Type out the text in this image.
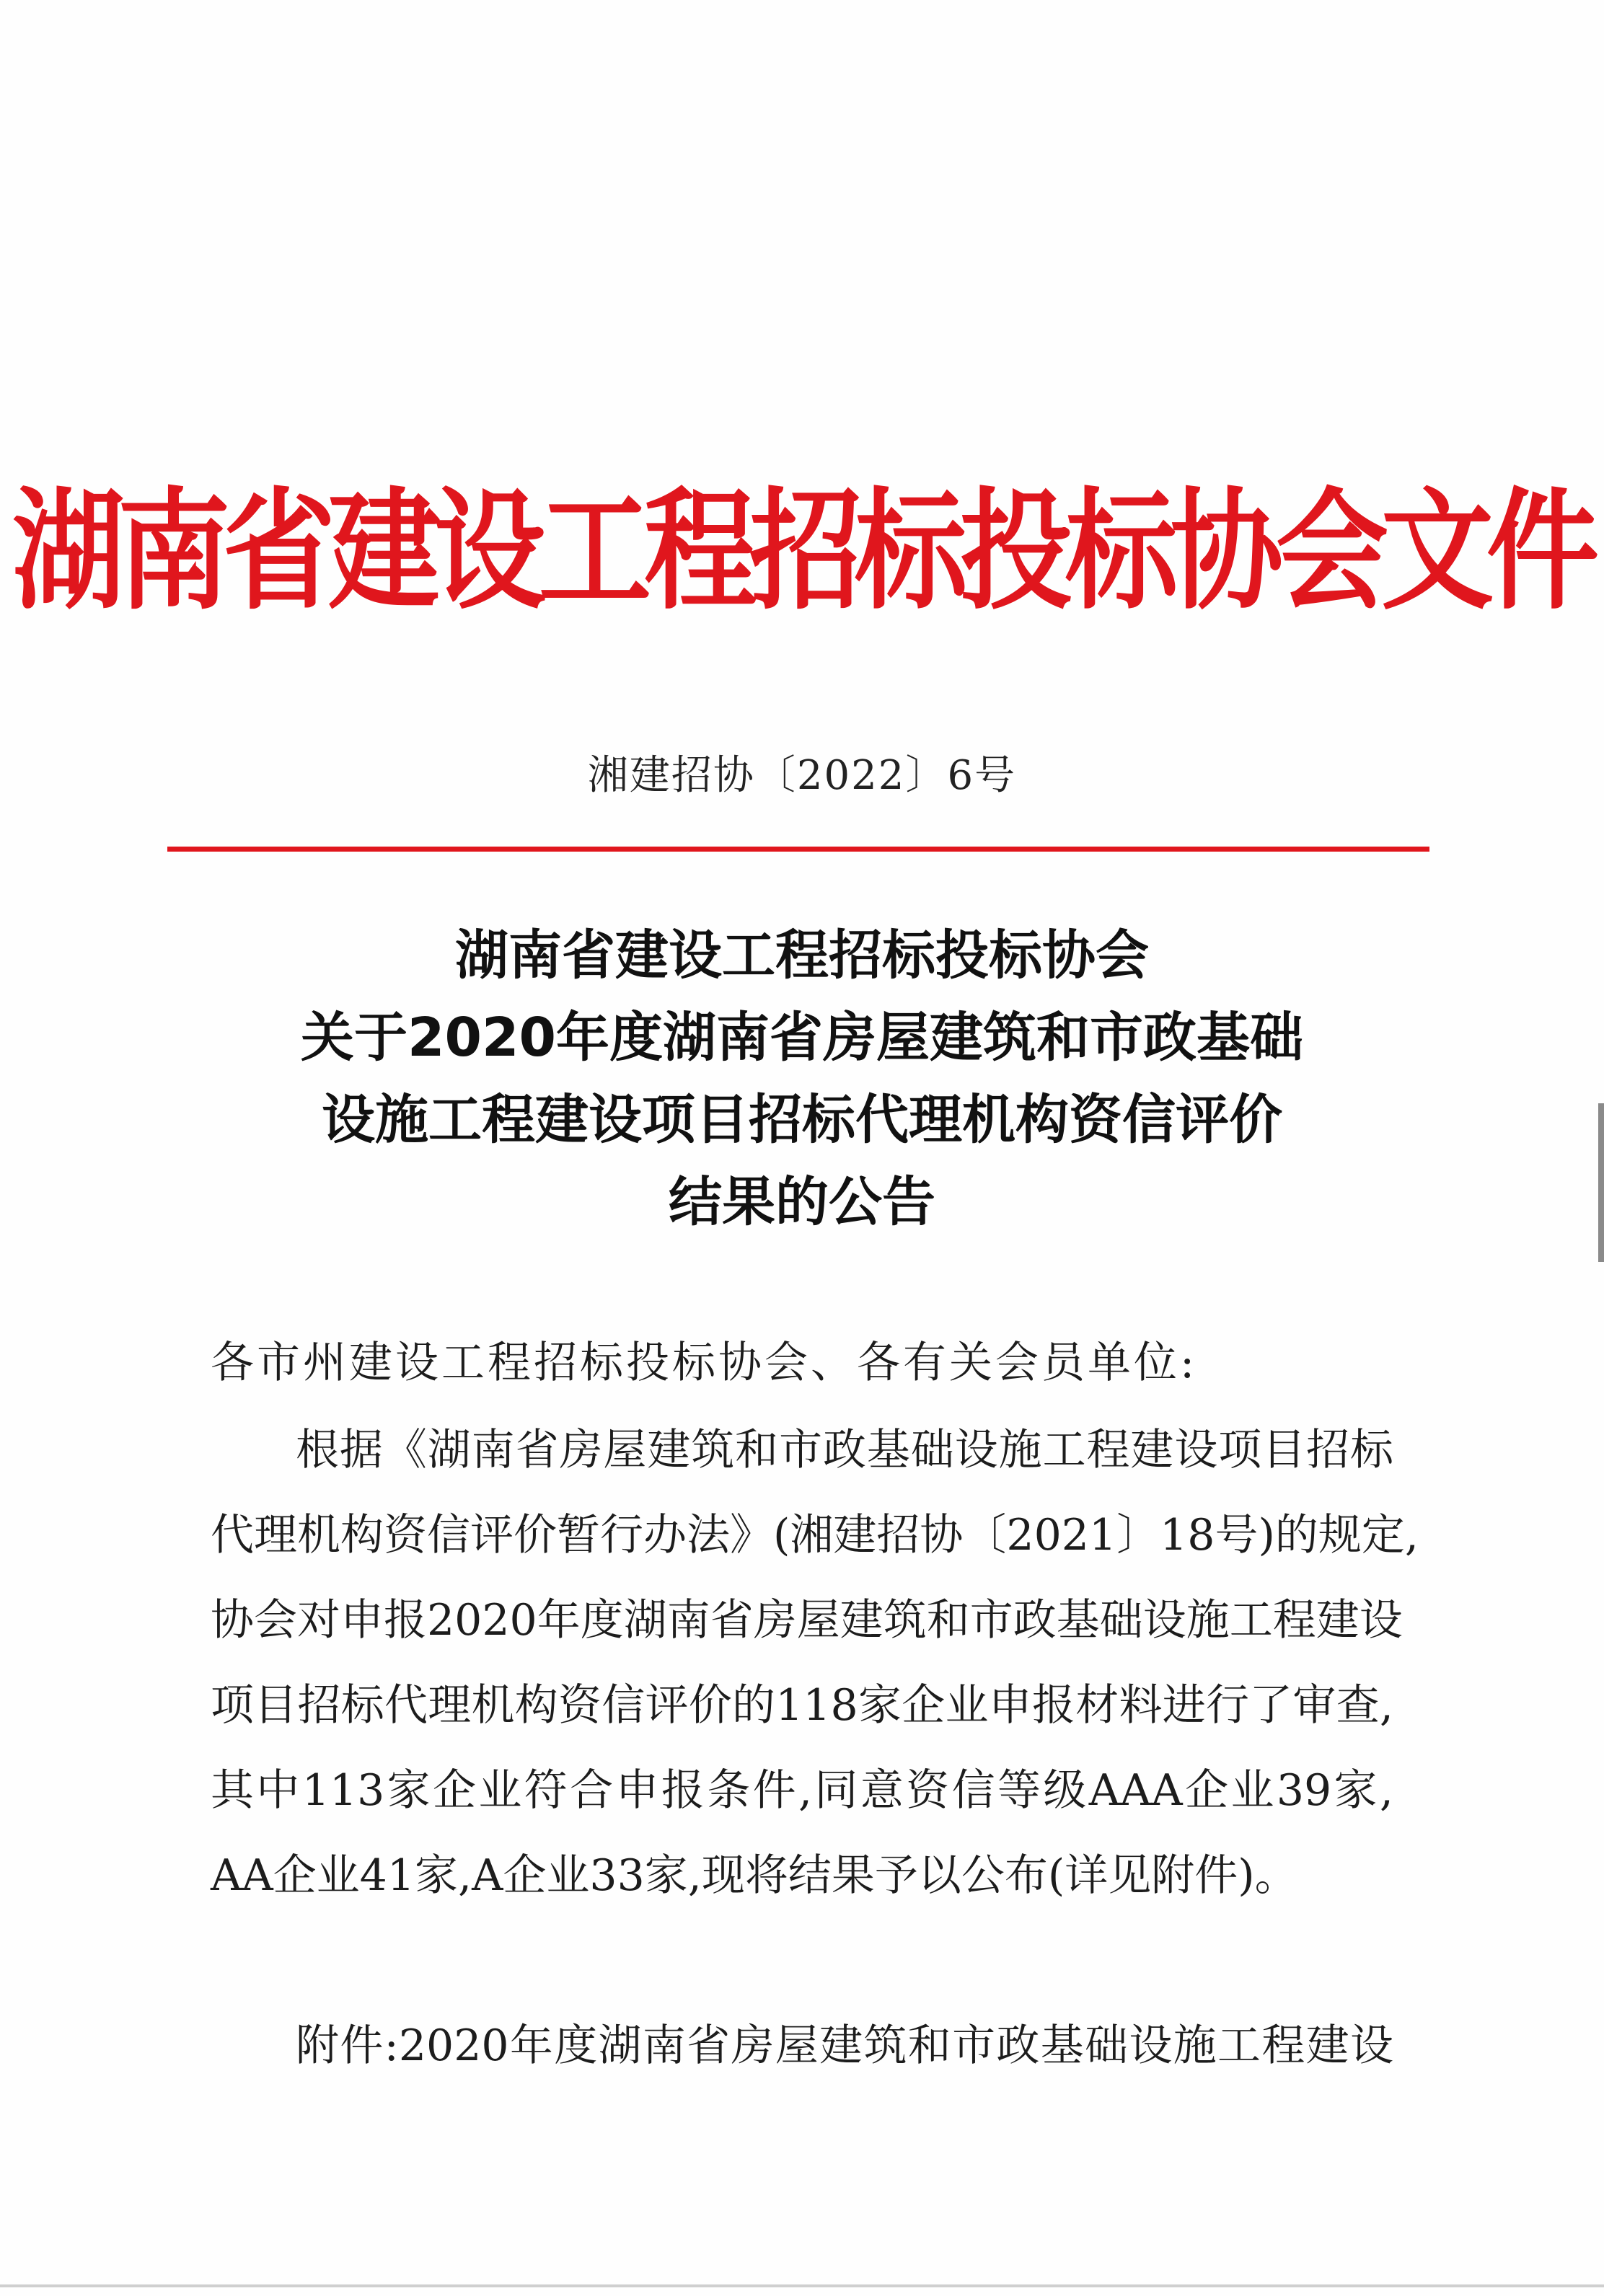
湖南省建设工程招标投标协会文件
湘建招协〔2022〕6号
湖南省建设工程招标投标协会
关于2020年度湖南省房屋建筑和市政基础
设施工程建设项目招标代理机构资信评价
结果的公告
各市州建设工程招标投标协会、各有关会员单位:
根据《湖南省房屋建筑和市政基础设施工程建设项目招标
代理机构资信评价暂行办法》(湘建招协〔2021〕18号)的规定,
协会对申报2020年度湖南省房屋建筑和市政基础设施工程建设
项目招标代理机构资信评价的118家企业申报材料进行了审查,
其中113家企业符合申报条件,同意资信等级AAA企业39家,
AA企业41家,A企业33家,现将结果予以公布(详见附件)。
附件:2020年度湖南省房屋建筑和市政基础设施工程建设
